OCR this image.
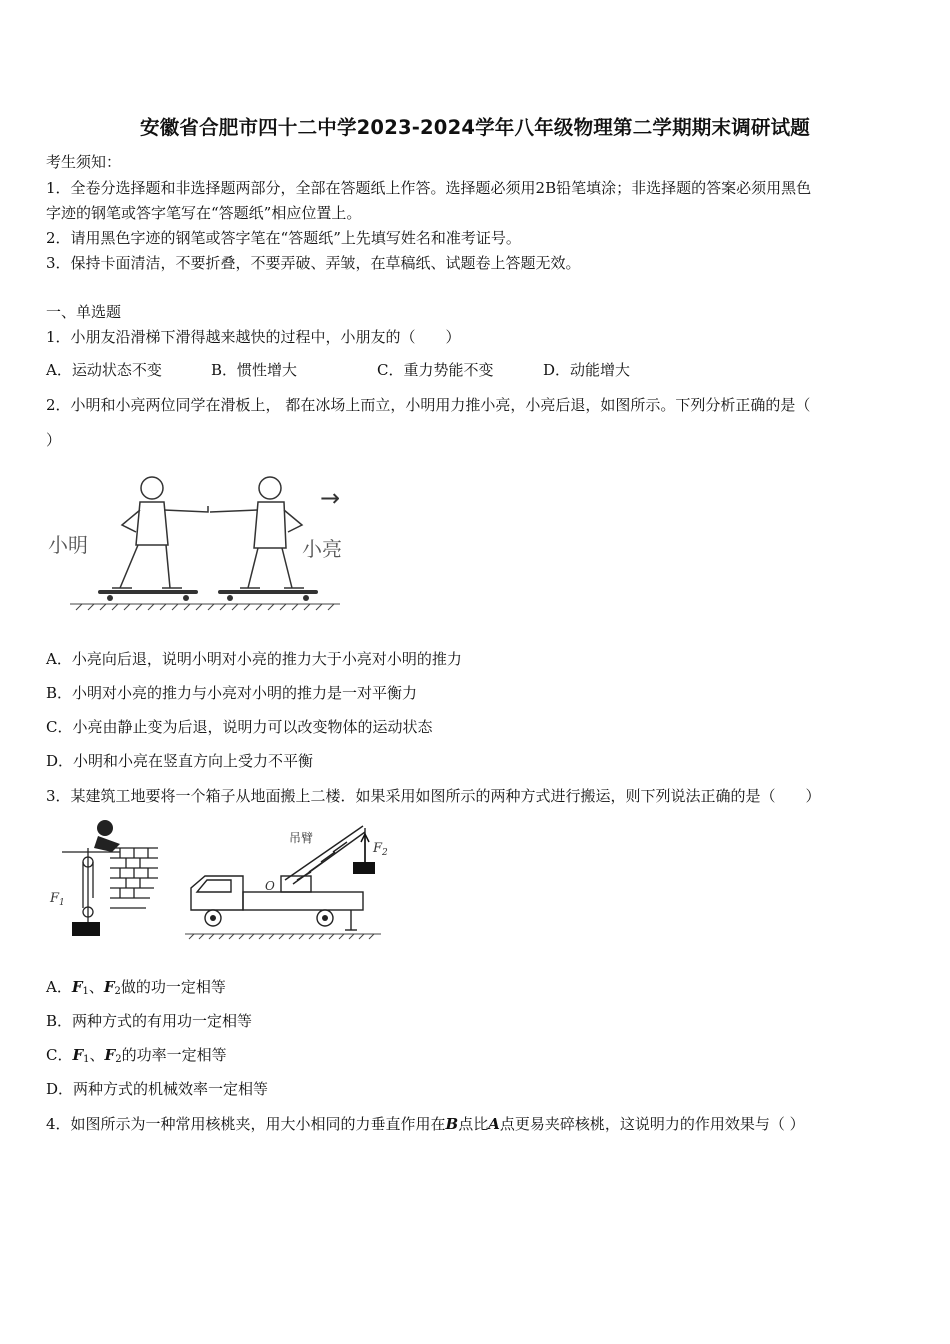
安徽省合肥市四十二中学2023-2024学年八年级物理第二学期期末调研试题
考生须知：
1．全卷分选择题和非选择题两部分，全部在答题纸上作答。选择题必须用2B铅笔填涂；非选择题的答案必须用黑色
字迹的钢笔或答字笔写在“答题纸”相应位置上。
2．请用黑色字迹的钢笔或答字笔在“答题纸”上先填写姓名和准考证号。
3．保持卡面清洁，不要折叠，不要弄破、弄皱，在草稿纸、试题卷上答题无效。
一、单选题
1．小朋友沿滑梯下滑得越来越快的过程中，小朋友的（　　）
A．运动状态不变	B．惯性增大	C．重力势能不变	D．动能增大
2．小明和小亮两位同学在滑板上， 都在冰场上而立，小明用力推小亮，小亮后退，如图所示。下列分析正确的是（
）
小明	小亮
→
A．小亮向后退，说明小明对小亮的推力大于小亮对小明的推力
B．小明对小亮的推力与小亮对小明的推力是一对平衡力
C．小亮由静止变为后退，说明力可以改变物体的运动状态
D．小明和小亮在竖直方向上受力不平衡
3．某建筑工地要将一个箱子从地面搬上二楼．如果采用如图所示的两种方式进行搬运，则下列说法正确的是（　　）
$F_1$
吊臂
O
$F_2$
A．$F_1$、$F_2$做的功一定相等
B．两种方式的有用功一定相等
C．$F_1$、$F_2$的功率一定相等
D．两种方式的机械效率一定相等
4．如图所示为一种常用核桃夹，用大小相同的力垂直作用在B点比A点更易夹碎核桃，这说明力的作用效果与（ ）
